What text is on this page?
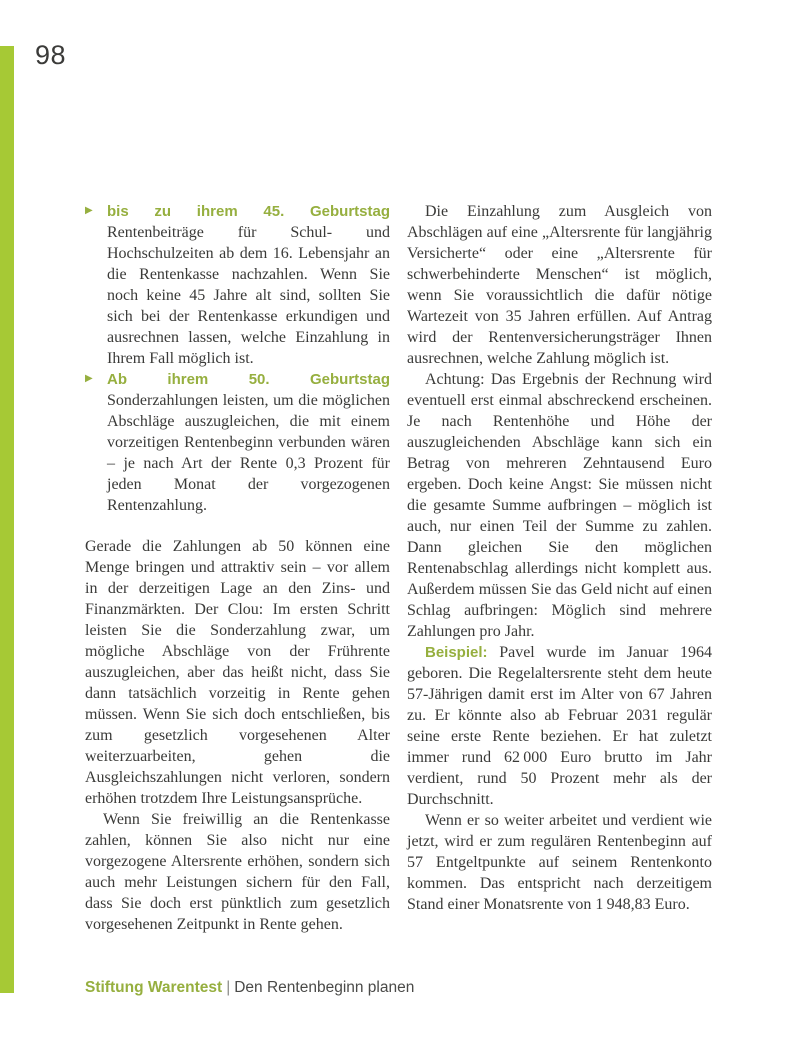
98
▶ bis zu ihrem 45. Geburtstag Rentenbeiträge für Schul- und Hochschulzeiten ab dem 16. Lebensjahr an die Rentenkasse nachzahlen. Wenn Sie noch keine 45 Jahre alt sind, sollten Sie sich bei der Rentenkasse erkundigen und ausrechnen lassen, welche Einzahlung in Ihrem Fall möglich ist.

▶ Ab ihrem 50. Geburtstag Sonderzahlungen leisten, um die möglichen Abschläge auszugleichen, die mit einem vorzeitigen Rentenbeginn verbunden wären – je nach Art der Rente 0,3 Prozent für jeden Monat der vorgezogenen Rentenzahlung.

Gerade die Zahlungen ab 50 können eine Menge bringen und attraktiv sein – vor allem in der derzeitigen Lage an den Zins- und Finanzmärkten. Der Clou: Im ersten Schritt leisten Sie die Sonderzahlung zwar, um mögliche Abschläge von der Frührente auszugleichen, aber das heißt nicht, dass Sie dann tatsächlich vorzeitig in Rente gehen müssen. Wenn Sie sich doch entschließen, bis zum gesetzlich vorgesehenen Alter weiterzuarbeiten, gehen die Ausgleichszahlungen nicht verloren, sondern erhöhen trotzdem Ihre Leistungsansprüche.

Wenn Sie freiwillig an die Rentenkasse zahlen, können Sie also nicht nur eine vorgezogene Altersrente erhöhen, sondern sich auch mehr Leistungen sichern für den Fall, dass Sie doch erst pünktlich zum gesetzlich vorgesehenen Zeitpunkt in Rente gehen.

Die Einzahlung zum Ausgleich von Abschlägen auf eine „Altersrente für langjährig Versicherte“ oder eine „Altersrente für schwerbehinderte Menschen“ ist möglich, wenn Sie voraussichtlich die dafür nötige Wartezeit von 35 Jahren erfüllen. Auf Antrag wird der Rentenversicherungsträger Ihnen ausrechnen, welche Zahlung möglich ist.

Achtung: Das Ergebnis der Rechnung wird eventuell erst einmal abschreckend erscheinen. Je nach Rentenhöhe und Höhe der auszugleichenden Abschläge kann sich ein Betrag von mehreren Zehntausend Euro ergeben. Doch keine Angst: Sie müssen nicht die gesamte Summe aufbringen – möglich ist auch, nur einen Teil der Summe zu zahlen. Dann gleichen Sie den möglichen Rentenabschlag allerdings nicht komplett aus. Außerdem müssen Sie das Geld nicht auf einen Schlag aufbringen: Möglich sind mehrere Zahlungen pro Jahr.

Beispiel: Pavel wurde im Januar 1964 geboren. Die Regelaltersrente steht dem heute 57-Jährigen damit erst im Alter von 67 Jahren zu. Er könnte also ab Februar 2031 regulär seine erste Rente beziehen. Er hat zuletzt immer rund 62 000 Euro brutto im Jahr verdient, rund 50 Prozent mehr als der Durchschnitt.

Wenn er so weiter arbeitet und verdient wie jetzt, wird er zum regulären Rentenbeginn auf 57 Entgeltpunkte auf seinem Rentenkonto kommen. Das entspricht nach derzeitigem Stand einer Monatsrente von 1 948,83 Euro.

Stiftung Warentest | Den Rentenbeginn planen
